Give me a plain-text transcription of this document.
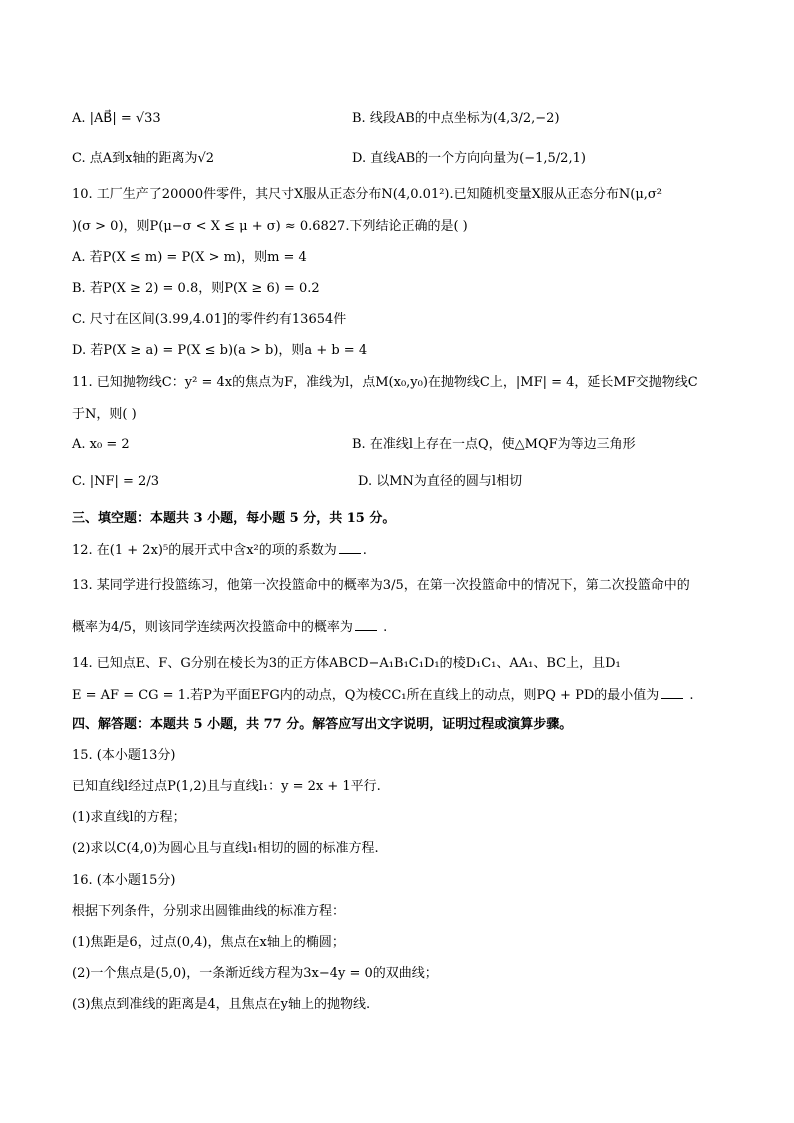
A. |AB⃗| = √33	B. 线段AB的中点坐标为(4,3/2,−2)
C. 点A到x轴的距离为√2	D. 直线AB的一个方向向量为(−1,5/2,1)
10. 工厂生产了20000件零件，其尺寸X服从正态分布N(4,0.01²).已知随机变量X服从正态分布N(μ,σ²
)(σ > 0)，则P(μ−σ < X ≤ μ + σ) ≈ 0.6827.下列结论正确的是( )
A. 若P(X ≤ m) = P(X > m)，则m = 4
B. 若P(X ≥ 2) = 0.8，则P(X ≥ 6) = 0.2
C. 尺寸在区间(3.99,4.01]的零件约有13654件
D. 若P(X ≥ a) = P(X ≤ b)(a > b)，则a + b = 4
11. 已知抛物线C：y² = 4x的焦点为F，准线为l，点M(x₀,y₀)在抛物线C上，|MF| = 4，延长MF交抛物线C
于N，则( )
A. x₀ = 2	B. 在准线l上存在一点Q，使△MQF为等边三角形
C. |NF| = 2/3	D. 以MN为直径的圆与l相切
三、填空题：本题共 3 小题，每小题 5 分，共 15 分。
12. 在(1 + 2x)⁵的展开式中含x²的项的系数为 .
13. 某同学进行投篮练习，他第一次投篮命中的概率为3/5，在第一次投篮命中的情况下，第二次投篮命中的
概率为4/5，则该同学连续两次投篮命中的概率为 .
14. 已知点E、F、G分别在棱长为3的正方体ABCD−A₁B₁C₁D₁的棱D₁C₁、AA₁、BC上，且D₁
E = AF = CG = 1.若P为平面EFG内的动点，Q为棱CC₁所在直线上的动点，则PQ + PD的最小值为 .
四、解答题：本题共 5 小题，共 77 分。解答应写出文字说明，证明过程或演算步骤。
15. (本小题13分)
已知直线l经过点P(1,2)且与直线l₁：y = 2x + 1平行.
(1)求直线l的方程；
(2)求以C(4,0)为圆心且与直线l₁相切的圆的标准方程.
16. (本小题15分)
根据下列条件，分别求出圆锥曲线的标准方程：
(1)焦距是6，过点(0,4)，焦点在x轴上的椭圆；
(2)一个焦点是(5,0)，一条渐近线方程为3x−4y = 0的双曲线；
(3)焦点到准线的距离是4，且焦点在y轴上的抛物线.
